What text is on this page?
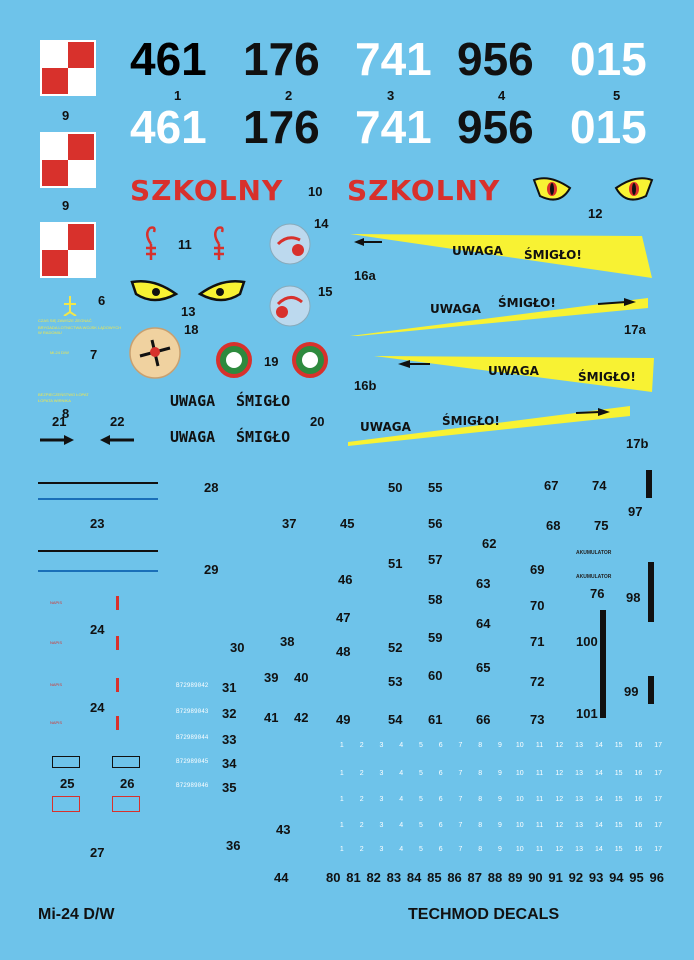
461 176 741 956 015
1	2	3	4	5
461 176 741 956 015
9
9 SZKOLNY 10 SZKOLNY
12
11
14
15
13
18
19
6
CZAS SIĘ ZAWSZE ŻEGNAĆ
BRYGADA LOTNICTWA WOJSK LĄDOWYCH W RADOMIU
Mi-24 D/W 7
BEZPIECZEŃSTWO ŁOPAT
ŁOPATA WIRNIKA
8
UWAGA ŚMIGŁO
20
UWAGA ŚMIGŁO
21	22
UWAGA ŚMIGŁO!
16a
UWAGA ŚMIGŁO!
17a
UWAGA	ŚMIGŁO!
16b
UWAGA	ŚMIGŁO!
17b
23
NAPIS
24
NAPIS
NAPIS
24
NAPIS
25	26
27
28
29
30
B72989042 31
B72989043 32
B72989044 33
B72989045 34
B72989046 35
36
37
38
39 40
41 42
43
44
45
46
47
48
49
50
51
52
53
54
55
56
57
58
59
60
61
62
63
64
65
66
67
68
69
70
71
72
73
74
75
AKUMULATOR
AKUMULATOR
76
97
98
100
99
101
1	2	3	4	5	6	7	8	9	10	11	12	13	14	15	16	17
1	2	3	4	5	6	7	8	9	10	11	12	13	14	15	16	17
1	2	3	4	5	6	7	8	9	10	11	12	13	14	15	16	17
1	2	3	4	5	6	7	8	9	10	11	12	13	14	15	16	17
1	2	3	4	5	6	7	8	9	10	11	12	13	14	15	16	17
80 81 82 83 84 85 86 87 88 89 90 91 92 93 94 95 96
Mi-24 D/W	TECHMOD DECALS
